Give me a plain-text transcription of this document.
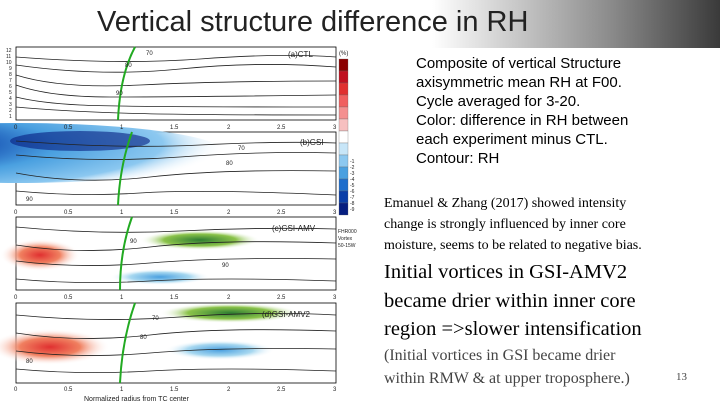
Vertical structure difference in RH
(a)CTL
70
80
90
(b)GSI
70
80
90
(c)GSI-AMV
90
90
(d)GSI-AMV2
70
80
80
1
2
3
4
5
6
7
8
9
10
11
12
0	0.5	1	1.5	2	2.5	3
0	0.5	1	1.5	2	2.5	3
0	0.5	1	1.5	2	2.5	3
0	0.5	1	1.5	2	2.5	3
Normalized radius from TC center
(%)
-1
-2
-3
-4
-5
-6
-7
-8
-9
FHR000
Vortex
50-15W
Composite of vertical Structure
axisymmetric mean RH at F00.
Cycle averaged for 3-20.
Color: difference in RH between
each experiment minus CTL.
Contour: RH
Emanuel & Zhang (2017) showed intensity
change is strongly influenced by inner core
moisture, seems to be related to negative bias.
Initial vortices in GSI-AMV2
became drier within inner core
region =>slower intensification
(Initial vortices in GSI became drier
within RMW & at upper troposphere.)	13
